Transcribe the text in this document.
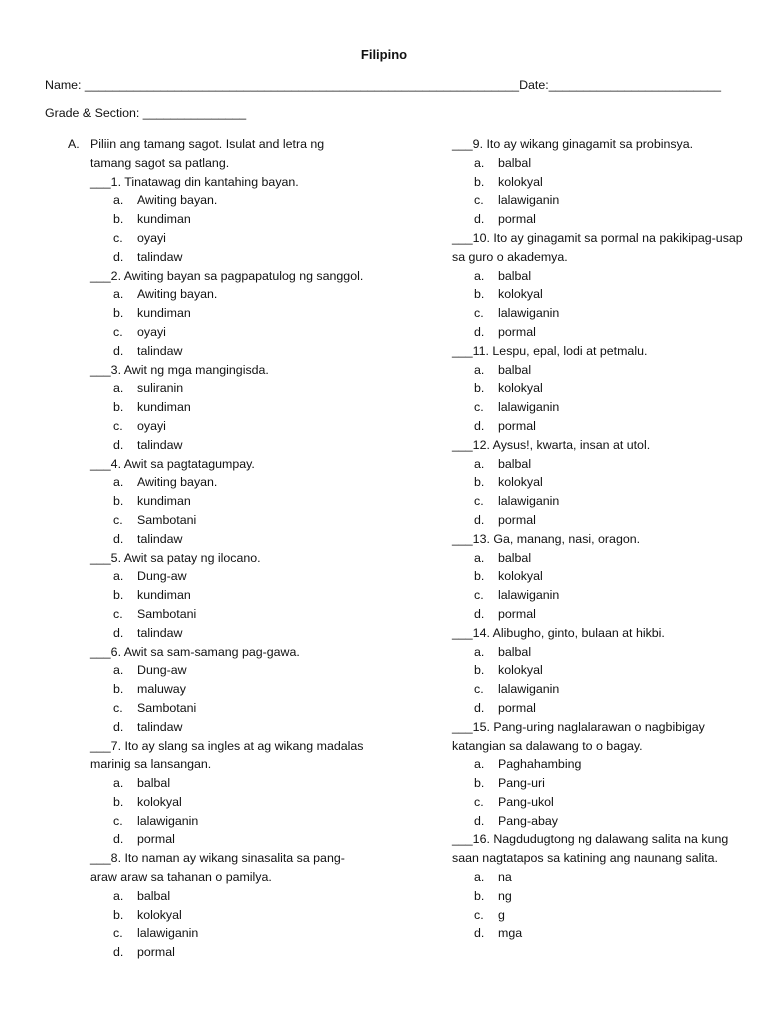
Filipino
Name: _______________________________________________________________Date:_________________________
Grade & Section: _______________
A. Piliin ang tamang sagot. Isulat and letra ng tamang sagot sa patlang.
___1. Tinatawag din kantahing bayan.
a.	Awiting bayan.
b.	kundiman
c.	oyayi
d.	talindaw
___2. Awiting bayan sa pagpapatulog ng sanggol.
a.	Awiting bayan.
b.	kundiman
c.	oyayi
d.	talindaw
___3. Awit ng mga mangingisda.
a.	suliranin
b.	kundiman
c.	oyayi
d.	talindaw
___4. Awit sa pagtatagumpay.
a.	Awiting bayan.
b.	kundiman
c.	Sambotani
d.	talindaw
___5. Awit sa patay ng ilocano.
a.	Dung-aw
b.	kundiman
c.	Sambotani
d.	talindaw
___6. Awit sa sam-samang pag-gawa.
a.	Dung-aw
b.	maluway
c.	Sambotani
d.	talindaw
___7. Ito ay slang sa ingles at ag wikang madalas marinig sa lansangan.
a.	balbal
b.	kolokyal
c.	lalawiganin
d.	pormal
___8. Ito naman ay wikang sinasalita sa pang-araw araw sa tahanan o pamilya.
a.	balbal
b.	kolokyal
c.	lalawiganin
d.	pormal
___9. Ito ay wikang ginagamit sa probinsya.
a.	balbal
b.	kolokyal
c.	lalawiganin
d.	pormal
___10. Ito ay ginagamit sa pormal na pakikipag-usap sa guro o akademya.
a.	balbal
b.	kolokyal
c.	lalawiganin
d.	pormal
___11. Lespu, epal, lodi at petmalu.
a.	balbal
b.	kolokyal
c.	lalawiganin
d.	pormal
___12. Aysus!, kwarta, insan at utol.
a.	balbal
b.	kolokyal
c.	lalawiganin
d.	pormal
___13. Ga, manang, nasi, oragon.
a.	balbal
b.	kolokyal
c.	lalawiganin
d.	pormal
___14. Alibugho, ginto, bulaan at hikbi.
a.	balbal
b.	kolokyal
c.	lalawiganin
d.	pormal
___15. Pang-uring naglalarawan o nagbibigay katangian sa dalawang to o bagay.
a.	Paghahambing
b.	Pang-uri
c.	Pang-ukol
d.	Pang-abay
___16. Nagdudugtong ng dalawang salita na kung saan nagtatapos sa katining ang naunang salita.
a.	na
b.	ng
c.	g
d.	mga
